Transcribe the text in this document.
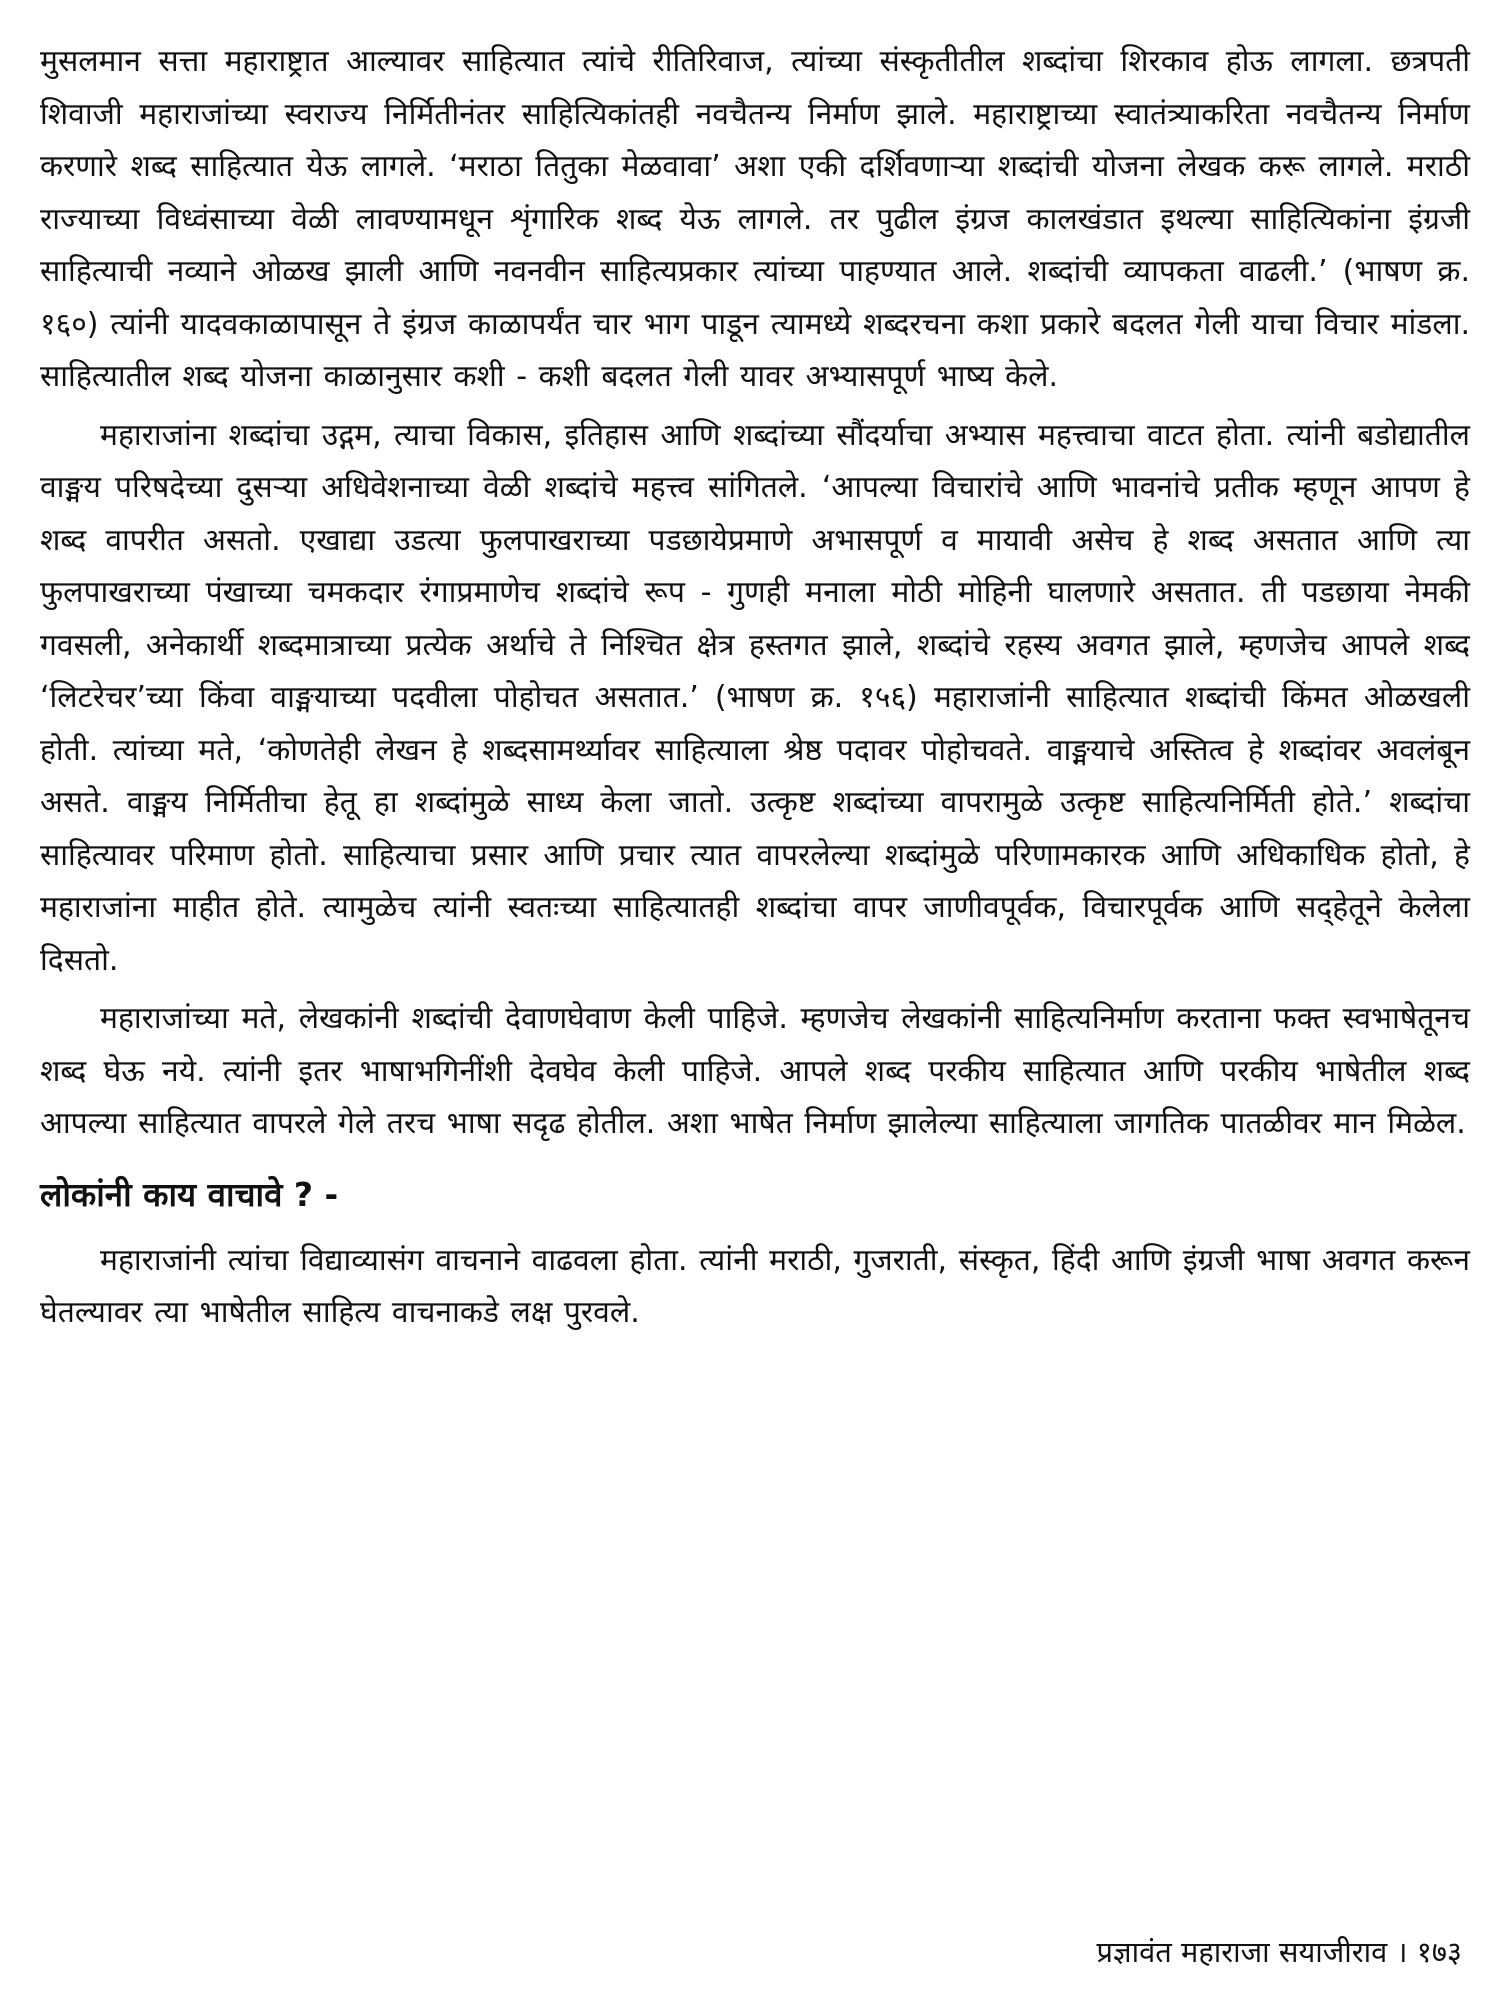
मुसलमान सत्ता महाराष्ट्रात आल्यावर साहित्यात त्यांचे रीतिरिवाज, त्यांच्या संस्कृतीतील शब्दांचा शिरकाव होऊ लागला. छत्रपती शिवाजी महाराजांच्या स्वराज्य निर्मितीनंतर साहित्यिकांतही नवचैतन्य निर्माण झाले. महाराष्ट्राच्या स्वातंत्र्याकरिता नवचैतन्य निर्माण करणारे शब्द साहित्यात येऊ लागले. ‘मराठा तितुका मेळवावा’ अशा एकी दर्शिवणाऱ्या शब्दांची योजना लेखक करू लागले. मराठी राज्याच्या विध्वंसाच्या वेळी लावण्यामधून शृंगारिक शब्द येऊ लागले. तर पुढील इंग्रज कालखंडात इथल्या साहित्यिकांना इंग्रजी साहित्याची नव्याने ओळख झाली आणि नवनवीन साहित्यप्रकार त्यांच्या पाहण्यात आले. शब्दांची व्यापकता वाढली.’ (भाषण क्र. १६०) त्यांनी यादवकाळापासून ते इंग्रज काळापर्यंत चार भाग पाडून त्यामध्ये शब्दरचना कशा प्रकारे बदलत गेली याचा विचार मांडला. साहित्यातील शब्द योजना काळानुसार कशी - कशी बदलत गेली यावर अभ्यासपूर्ण भाष्य केले.

महाराजांना शब्दांचा उद्गम, त्याचा विकास, इतिहास आणि शब्दांच्या सौंदर्याचा अभ्यास महत्त्वाचा वाटत होता. त्यांनी बडोद्यातील वाङ्मय परिषदेच्या दुसऱ्या अधिवेशनाच्या वेळी शब्दांचे महत्त्व सांगितले. ‘आपल्या विचारांचे आणि भावनांचे प्रतीक म्हणून आपण हे शब्द वापरीत असतो. एखाद्या उडत्या फुलपाखराच्या पडछायेप्रमाणे अभासपूर्ण व मायावी असेच हे शब्द असतात आणि त्या फुलपाखराच्या पंखाच्या चमकदार रंगाप्रमाणेच शब्दांचे रूप - गुणही मनाला मोठी मोहिनी घालणारे असतात. ती पडछाया नेमकी गवसली, अनेकार्थी शब्दमात्राच्या प्रत्येक अर्थाचे ते निश्चित क्षेत्र हस्तगत झाले, शब्दांचे रहस्य अवगत झाले, म्हणजेच आपले शब्द ‘लिटरेचर’च्या किंवा वाङ्मयाच्या पदवीला पोहोचत असतात.’ (भाषण क्र. १५६) महाराजांनी साहित्यात शब्दांची किंमत ओळखली होती. त्यांच्या मते, ‘कोणतेही लेखन हे शब्दसामर्थ्यावर साहित्याला श्रेष्ठ पदावर पोहोचवते. वाङ्मयाचे अस्तित्व हे शब्दांवर अवलंबून असते. वाङ्मय निर्मितीचा हेतू हा शब्दांमुळे साध्य केला जातो. उत्कृष्ट शब्दांच्या वापरामुळे उत्कृष्ट साहित्यनिर्मिती होते.’ शब्दांचा साहित्यावर परिमाण होतो. साहित्याचा प्रसार आणि प्रचार त्यात वापरलेल्या शब्दांमुळे परिणामकारक आणि अधिकाधिक होतो, हे महाराजांना माहीत होते. त्यामुळेच त्यांनी स्वतःच्या साहित्यातही शब्दांचा वापर जाणीवपूर्वक, विचारपूर्वक आणि सद्हेतूने केलेला दिसतो.

महाराजांच्या मते, लेखकांनी शब्दांची देवाणघेवाण केली पाहिजे. म्हणजेच लेखकांनी साहित्यनिर्माण करताना फक्त स्वभाषेतूनच शब्द घेऊ नये. त्यांनी इतर भाषाभगिनींशी देवघेव केली पाहिजे. आपले शब्द परकीय साहित्यात आणि परकीय भाषेतील शब्द आपल्या साहित्यात वापरले गेले तरच भाषा सदृढ होतील. अशा भाषेत निर्माण झालेल्या साहित्याला जागतिक पातळीवर मान मिळेल.

लोकांनी काय वाचावे ? -

महाराजांनी त्यांचा विद्याव्यासंग वाचनाने वाढवला होता. त्यांनी मराठी, गुजराती, संस्कृत, हिंदी आणि इंग्रजी भाषा अवगत करून घेतल्यावर त्या भाषेतील साहित्य वाचनाकडे लक्ष पुरवले.

प्रज्ञावंत महाराजा सयाजीराव । १७३
